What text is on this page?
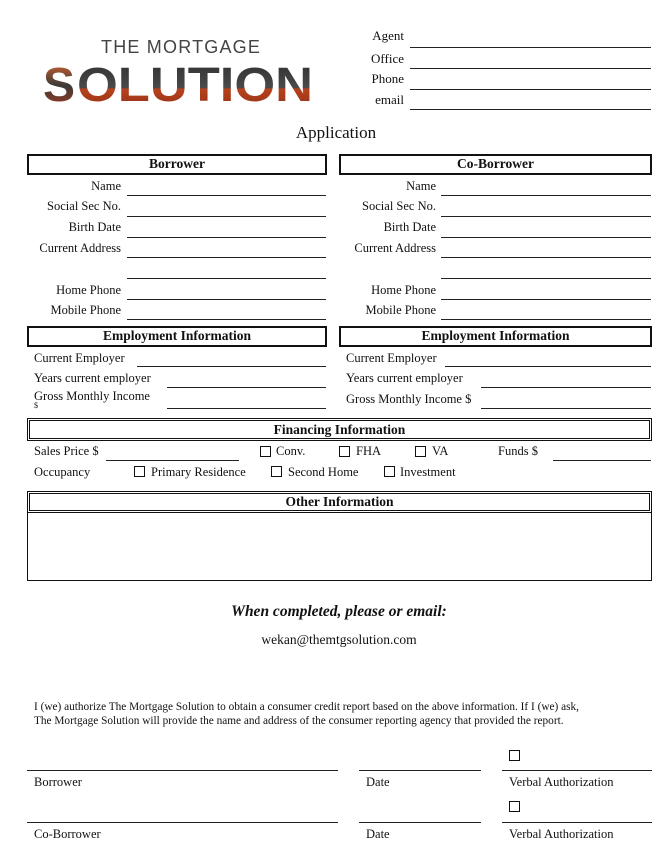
THE MORTGAGE
S OLUTION
Agent
Office
Phone
email
Application
Borrower	Co-Borrower
Name
Social Sec No.
Birth Date
Current Address
Home Phone
Mobile Phone
Name
Social Sec No.
Birth Date
Current Address
Home Phone
Mobile Phone
Employment Information	Employment Information
Current Employer
Years current employer
Gross Monthly Income
$
Current Employer
Years current employer
Gross Monthly Income $
Financing Information
Sales Price $	Conv.	FHA	VA	Funds $
Occupancy	Primary Residence	Second Home	Investment
Other Information
When completed, please or email:
wekan@themtgsolution.com
I (we) authorize The Mortgage Solution to obtain a consumer credit report based on the above information. If I (we) ask,
The Mortgage Solution will provide the name and address of the consumer reporting agency that provided the report.
Borrower	Date	Verbal Authorization
Co-Borrower	Date	Verbal Authorization
